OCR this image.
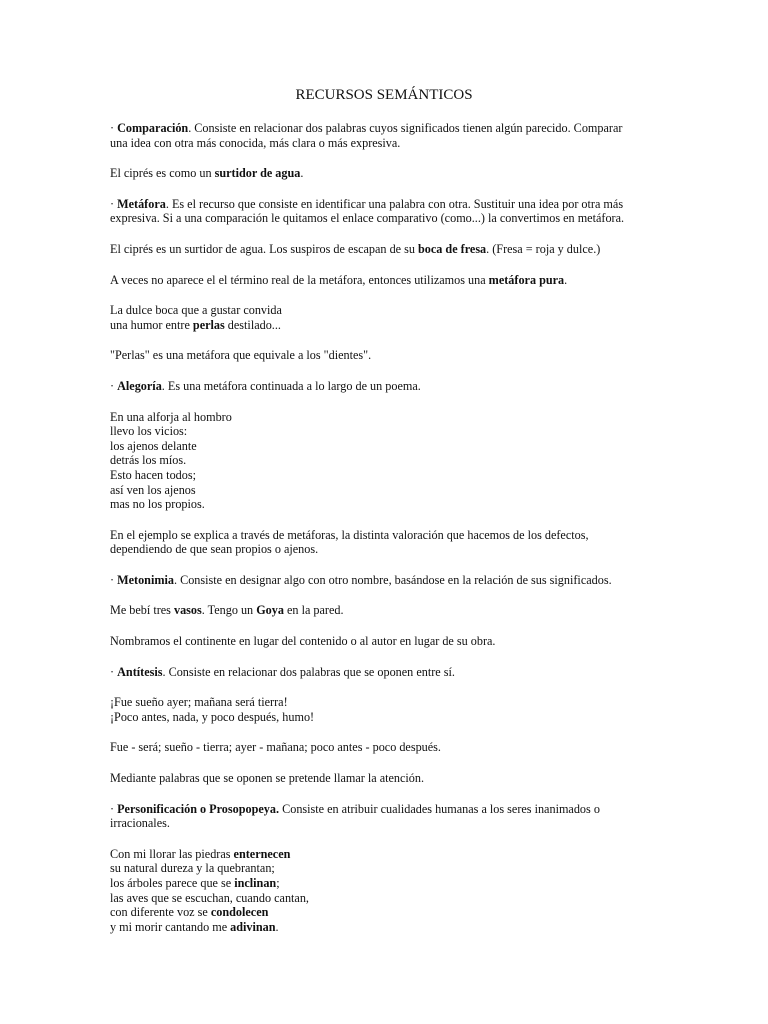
RECURSOS SEMÁNTICOS
· Comparación. Consiste en relacionar dos palabras cuyos significados tienen algún parecido. Comparar
una idea con otra más conocida, más clara o más expresiva.
El ciprés es como un surtidor de agua.
· Metáfora. Es el recurso que consiste en identificar una palabra con otra. Sustituir una idea por otra más
expresiva. Si a una comparación le quitamos el enlace comparativo (como...) la convertimos en metáfora.
El ciprés es un surtidor de agua. Los suspiros de escapan de su boca de fresa. (Fresa = roja y dulce.)
A veces no aparece el el término real de la metáfora, entonces utilizamos una metáfora pura.
La dulce boca que a gustar convida
una humor entre perlas destilado...
"Perlas" es una metáfora que equivale a los "dientes".
· Alegoría. Es una metáfora continuada a lo largo de un poema.
En una alforja al hombro
llevo los vicios:
los ajenos delante
detrás los míos.
Esto hacen todos;
así ven los ajenos
mas no los propios.
En el ejemplo se explica a través de metáforas, la distinta valoración que hacemos de los defectos,
dependiendo de que sean propios o ajenos.
· Metonimia. Consiste en designar algo con otro nombre, basándose en la relación de sus significados.
Me bebí tres vasos. Tengo un Goya en la pared.
Nombramos el continente en lugar del contenido o al autor en lugar de su obra.
· Antítesis. Consiste en relacionar dos palabras que se oponen entre sí.
¡Fue sueño ayer; mañana será tierra!
¡Poco antes, nada, y poco después, humo!
Fue - será; sueño - tierra; ayer - mañana; poco antes - poco después.
Mediante palabras que se oponen se pretende llamar la atención.
· Personificación o Prosopopeya. Consiste en atribuir cualidades humanas a los seres inanimados o
irracionales.
Con mi llorar las piedras enternecen
su natural dureza y la quebrantan;
los árboles parece que se inclinan;
las aves que se escuchan, cuando cantan,
con diferente voz se condolecen
y mi morir cantando me adivinan.
